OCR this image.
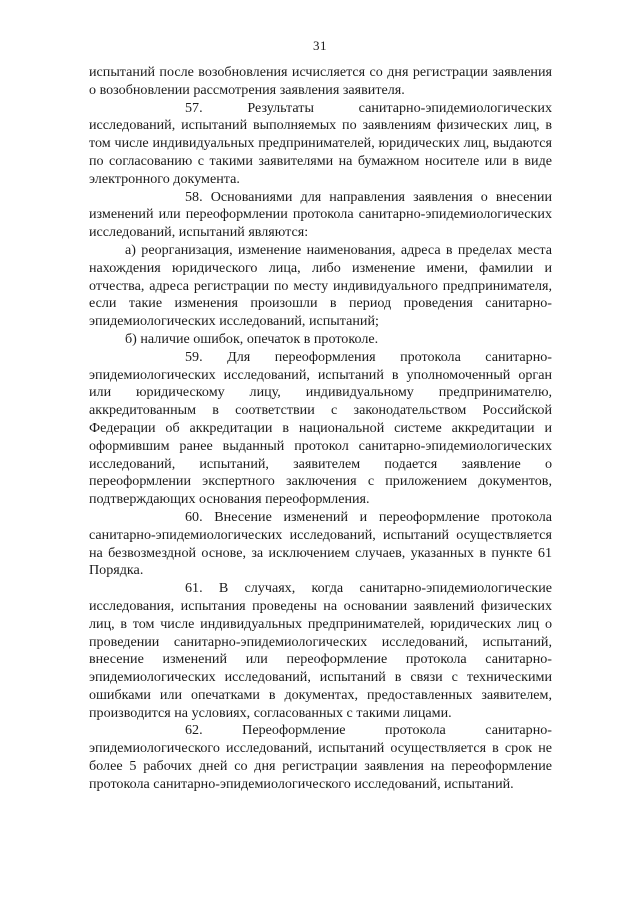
31

испытаний после возобновления исчисляется со дня регистрации заявления о возобновлении рассмотрения заявления заявителя.

57.	Результаты санитарно-эпидемиологических исследований, испытаний выполняемых по заявлениям физических лиц, в том числе индивидуальных предпринимателей, юридических лиц, выдаются по согласованию с такими заявителями на бумажном носителе или в виде электронного документа.

58. Основаниями для направления заявления о внесении изменений или переоформлении протокола санитарно-эпидемиологических исследований, испытаний являются:

а) реорганизация, изменение наименования, адреса в пределах места нахождения юридического лица, либо изменение имени, фамилии и отчества, адреса регистрации по месту индивидуального предпринимателя, если такие изменения произошли в период проведения санитарно-эпидемиологических исследований, испытаний;

б) наличие ошибок, опечаток в протоколе.

59. Для переоформления протокола санитарно-эпидемиологических исследований, испытаний в уполномоченный орган или юридическому лицу, индивидуальному предпринимателю, аккредитованным в соответствии с законодательством Российской Федерации об аккредитации в национальной системе аккредитации и оформившим ранее выданный протокол санитарно-эпидемиологических исследований, испытаний, заявителем подается заявление о переоформлении экспертного заключения с приложением документов, подтверждающих основания переоформления.

60. Внесение изменений и переоформление протокола санитарно-эпидемиологических исследований, испытаний осуществляется на безвозмездной основе, за исключением случаев, указанных в пункте 61 Порядка.

61. В случаях, когда санитарно-эпидемиологические исследования, испытания проведены на основании заявлений физических лиц, в том числе индивидуальных предпринимателей, юридических лиц о проведении санитарно-эпидемиологических исследований, испытаний, внесение изменений или переоформление протокола санитарно-эпидемиологических исследований, испытаний в связи с техническими ошибками или опечатками в документах, предоставленных заявителем, производится на условиях, согласованных с такими лицами.

62.	Переоформление протокола санитарно-эпидемиологического исследований, испытаний осуществляется в срок не более 5 рабочих дней со дня регистрации заявления на переоформление протокола санитарно-эпидемиологического исследований, испытаний.
